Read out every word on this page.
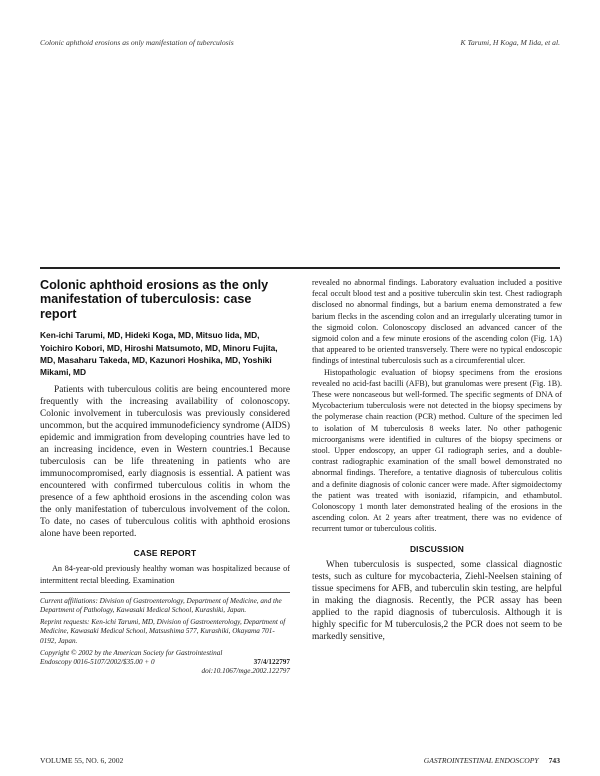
Colonic aphthoid erosions as only manifestation of tuberculosis	K Tarumi, H Koga, M Iida, et al.
Colonic aphthoid erosions as the only manifestation of tuberculosis: case report

Ken-ichi Tarumi, MD, Hideki Koga, MD, Mitsuo Iida, MD, Yoichiro Kobori, MD, Hiroshi Matsumoto, MD, Minoru Fujita, MD, Masaharu Takeda, MD, Kazunori Hoshika, MD, Yoshiki Mikami, MD

Patients with tuberculous colitis are being encountered more frequently with the increasing availability of colonoscopy. Colonic involvement in tuberculosis was previously considered uncommon, but the acquired immunodeficiency syndrome (AIDS) epidemic and immigration from developing countries have led to an increasing incidence, even in Western countries.1 Because tuberculosis can be life threatening in patients who are immunocompromised, early diagnosis is essential. A patient was encountered with confirmed tuberculous colitis in whom the presence of a few aphthoid erosions in the ascending colon was the only manifestation of tuberculous involvement of the colon. To date, no cases of tuberculous colitis with aphthoid erosions alone have been reported.

CASE REPORT

An 84-year-old previously healthy woman was hospitalized because of intermittent rectal bleeding. Examination

Current affiliations: Division of Gastroenterology, Department of Medicine, and the Department of Pathology, Kawasaki Medical School, Kurashiki, Japan.

Reprint requests: Ken-ichi Tarumi, MD, Division of Gastroenterology, Department of Medicine, Kawasaki Medical School, Matsushima 577, Kurashiki, Okayama 701-0192, Japan.

Copyright © 2002 by the American Society for Gastrointestinal Endoscopy 0016-5107/2002/$35.00 + 0	37/4/122797

doi:10.1067/mge.2002.122797

revealed no abnormal findings. Laboratory evaluation included a positive fecal occult blood test and a positive tuberculin skin test. Chest radiograph disclosed no abnormal findings, but a barium enema demonstrated a few barium flecks in the ascending colon and an irregularly ulcerating tumor in the sigmoid colon. Colonoscopy disclosed an advanced cancer of the sigmoid colon and a few minute erosions of the ascending colon (Fig. 1A) that appeared to be oriented transversely. There were no typical endoscopic findings of intestinal tuberculosis such as a circumferential ulcer.

Histopathologic evaluation of biopsy specimens from the erosions revealed no acid-fast bacilli (AFB), but granulomas were present (Fig. 1B). These were noncaseous but well-formed. The specific segments of DNA of Mycobacterium tuberculosis were not detected in the biopsy specimens by the polymerase chain reaction (PCR) method. Culture of the specimen led to isolation of M tuberculosis 8 weeks later. No other pathogenic microorganisms were identified in cultures of the biopsy specimens or stool. Upper endoscopy, an upper GI radiograph series, and a double-contrast radiographic examination of the small bowel demonstrated no abnormal findings. Therefore, a tentative diagnosis of tuberculous colitis and a definite diagnosis of colonic cancer were made. After sigmoidectomy the patient was treated with isoniazid, rifampicin, and ethambutol. Colonoscopy 1 month later demonstrated healing of the erosions in the ascending colon. At 2 years after treatment, there was no evidence of recurrent tumor or tuberculous colitis.

DISCUSSION

When tuberculosis is suspected, some classical diagnostic tests, such as culture for mycobacteria, Ziehl-Neelsen staining of tissue specimens for AFB, and tuberculin skin testing, are helpful in making the diagnosis. Recently, the PCR assay has been applied to the rapid diagnosis of tuberculosis. Although it is highly specific for M tuberculosis,2 the PCR does not seem to be markedly sensitive,

VOLUME 55, NO. 6, 2002	GASTROINTESTINAL ENDOSCOPY 743
